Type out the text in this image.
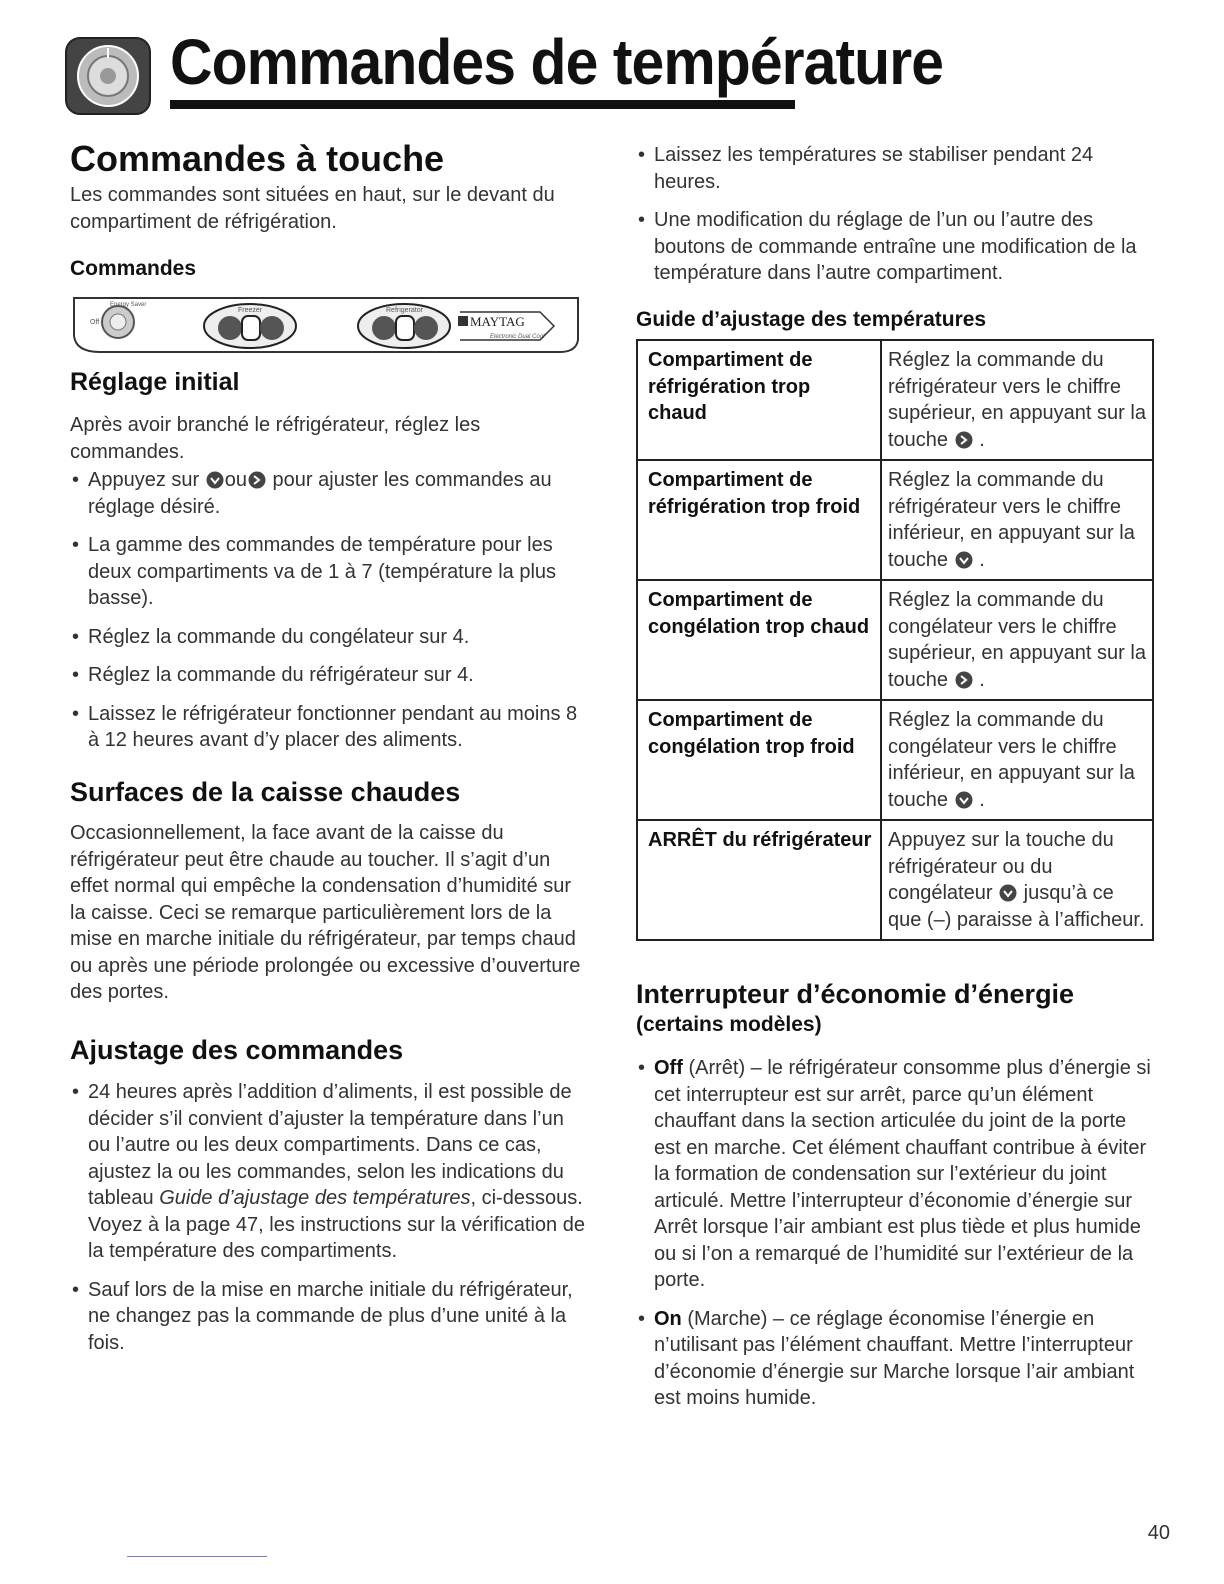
Commandes de température
Commandes à touche

Les commandes sont situées en haut, sur le devant du compartiment de réfrigération.

Commandes
Energy Saver
Off
Freezer	Refrigerator
MAYTAG
Electronic Dual Cool
Réglage initial

Après avoir branché le réfrigérateur, réglez les commandes.

• Appuyez sur ou pour ajuster les commandes au réglage désiré.
• La gamme des commandes de température pour les deux compartiments va de 1 à 7 (température la plus basse).
• Réglez la commande du congélateur sur 4.
• Réglez la commande du réfrigérateur sur 4.
• Laissez le réfrigérateur fonctionner pendant au moins 8 à 12 heures avant d’y placer des aliments.
Surfaces de la caisse chaudes

Occasionnellement, la face avant de la caisse du réfrigérateur peut être chaude au toucher. Il s’agit d’un effet normal qui empêche la condensation d’humidité sur la caisse. Ceci se remarque particulièrement lors de la mise en marche initiale du réfrigérateur, par temps chaud ou après une période prolongée ou excessive d’ouverture des portes.

Ajustage des commandes
• 24 heures après l’addition d’aliments, il est possible de décider s’il convient d’ajuster la température dans l’un ou l’autre ou les deux compartiments. Dans ce cas, ajustez la ou les commandes, selon les indications du tableau Guide d’ajustage des températures, ci-dessous. Voyez à la page 47, les instructions sur la vérification de la température des compartiments.
• Sauf lors de la mise en marche initiale du réfrigérateur, ne changez pas la commande de plus d’une unité à la fois.
• Laissez les températures se stabiliser pendant 24 heures.
• Une modification du réglage de l’un ou l’autre des boutons de commande entraîne une modification de la température dans l’autre compartiment.
Guide d’ajustage des températures
Compartiment de réfrigération trop chaud	Réglez la commande du réfrigérateur vers le chiffre supérieur, en appuyant sur la touche .
Compartiment de réfrigération trop froid	Réglez la commande du réfrigérateur vers le chiffre inférieur, en appuyant sur la touche .
Compartiment de congélation trop chaud	Réglez la commande du congélateur vers le chiffre supérieur, en appuyant sur la touche .
Compartiment de congélation trop froid	Réglez la commande du congélateur vers le chiffre inférieur, en appuyant sur la touche .
ARRÊT du réfrigérateur	Appuyez sur la touche du réfrigérateur ou du congélateur jusqu’à ce que (–) paraisse à l’afficheur.
Interrupteur d’économie d’énergie
(certains modèles)
• Off (Arrêt) – le réfrigérateur consomme plus d’énergie si cet interrupteur est sur arrêt, parce qu’un élément chauffant dans la section articulée du joint de la porte est en marche. Cet élément chauffant contribue à éviter la formation de condensation sur l’extérieur du joint articulé. Mettre l’interrupteur d’économie d’énergie sur Arrêt lorsque l’air ambiant est plus tiède et plus humide ou si l’on a remarqué de l’humidité sur l’extérieur de la porte.
• On (Marche) – ce réglage économise l’énergie en n’utilisant pas l’élément chauffant. Mettre l’interrupteur d’économie d’énergie sur Marche lorsque l’air ambiant est moins humide.
40
